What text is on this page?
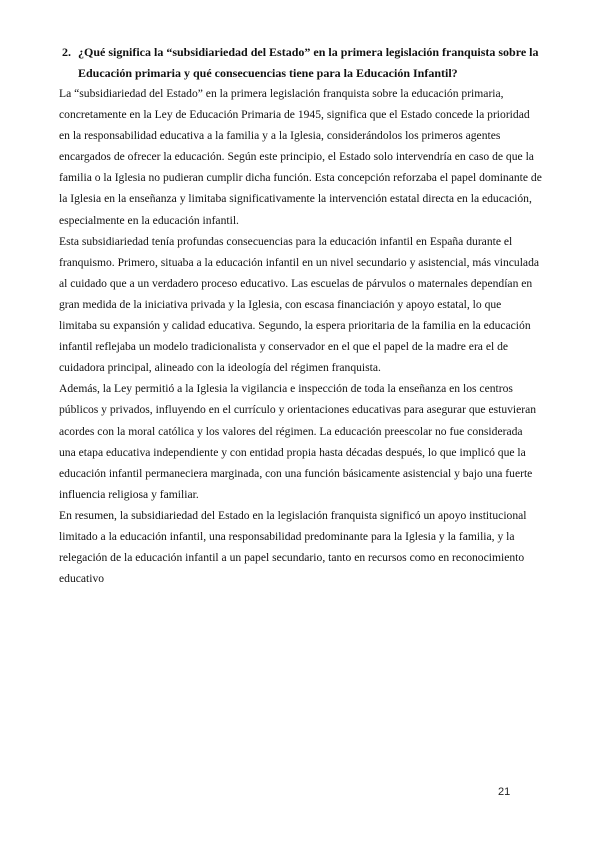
2. ¿Qué significa la “subsidiariedad del Estado” en la primera legislación franquista sobre la Educación primaria y qué consecuencias tiene para la Educación Infantil?

La “subsidiariedad del Estado” en la primera legislación franquista sobre la educación primaria, concretamente en la Ley de Educación Primaria de 1945, significa que el Estado concede la prioridad en la responsabilidad educativa a la familia y a la Iglesia, considerándolos los primeros agentes encargados de ofrecer la educación. Según este principio, el Estado solo intervendría en caso de que la familia o la Iglesia no pudieran cumplir dicha función. Esta concepción reforzaba el papel dominante de la Iglesia en la enseñanza y limitaba significativamente la intervención estatal directa en la educación, especialmente en la educación infantil.

Esta subsidiariedad tenía profundas consecuencias para la educación infantil en España durante el franquismo. Primero, situaba a la educación infantil en un nivel secundario y asistencial, más vinculada al cuidado que a un verdadero proceso educativo. Las escuelas de párvulos o maternales dependían en gran medida de la iniciativa privada y la Iglesia, con escasa financiación y apoyo estatal, lo que limitaba su expansión y calidad educativa. Segundo, la espera prioritaria de la familia en la educación infantil reflejaba un modelo tradicionalista y conservador en el que el papel de la madre era el de cuidadora principal, alineado con la ideología del régimen franquista.

Además, la Ley permitió a la Iglesia la vigilancia e inspección de toda la enseñanza en los centros públicos y privados, influyendo en el currículo y orientaciones educativas para asegurar que estuvieran acordes con la moral católica y los valores del régimen. La educación preescolar no fue considerada una etapa educativa independiente y con entidad propia hasta décadas después, lo que implicó que la educación infantil permaneciera marginada, con una función básicamente asistencial y bajo una fuerte influencia religiosa y familiar.

En resumen, la subsidiariedad del Estado en la legislación franquista significó un apoyo institucional limitado a la educación infantil, una responsabilidad predominante para la Iglesia y la familia, y la relegación de la educación infantil a un papel secundario, tanto en recursos como en reconocimiento educativo

21
